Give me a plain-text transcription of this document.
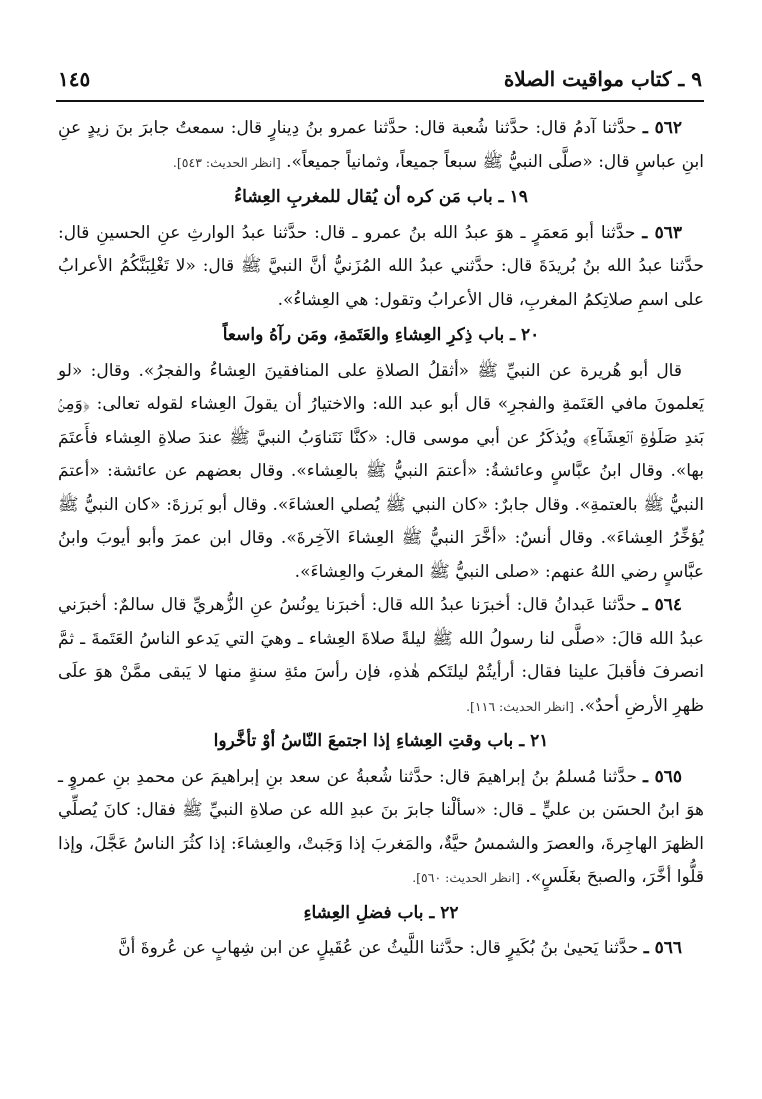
٩ ـ كتاب مواقيت الصلاة
١٤٥

٥٦٢ ـ حدَّثنا آدمُ قال: حدَّثنا شُعبة قال: حدَّثنا عمرو بنُ دِينارٍ قال: سمعتُ جابرَ بنَ زيدٍ عنِ ابنِ عباسٍ قال: «صلَّى النبيُّ ﷺ سبعاً جميعاً، وثمانياً جميعاً». [انظر الحديث: ٥٤٣].

١٩ ـ باب مَن كره أن يُقال للمغربِ العِشاءُ

٥٦٣ ـ حدَّثنا أبو مَعمَرٍ ـ هوَ عبدُ الله بنُ عمرو ـ قال: حدَّثنا عبدُ الوارثِ عنِ الحسينِ قال: حدَّثنا عبدُ الله بنُ بُريدَةَ قال: حدَّثني عبدُ الله المُزَنيُّ أنَّ النبيَّ ﷺ قال: «لا تَغْلِبَنَّكُمُ الأعرابُ على اسمِ صلاتِكمُ المغربِ، قال الأعرابُ وتقول: هي العِشاءُ».

٢٠ ـ باب ذِكرِ العِشاءِ والعَتَمةِ، ومَن رآهُ واسعاً

قال أبو هُريرة عن النبيِّ ﷺ «أثقلُ الصلاةِ على المنافقينَ العِشاءُ والفجرُ». وقال: «لو يَعلمونَ مافي العَتَمةِ والفجرِ» قال أبو عبد الله: والاختيارُ أن يقولَ العِشاء لقوله تعالى: ﴿وَمِنۢ بَعۡدِ صَلَوٰةِ ٱلۡعِشَآءِ﴾ ويُذكَرُ عن أبي موسى قال: «كنَّا نَتَناوَبُ النبيَّ ﷺ عندَ صلاةِ العِشاء فأَعتَمَ بها». وقال ابنُ عبَّاسٍ وعائشةُ: «أعتمَ النبيُّ ﷺ بالعِشاء». وقال بعضهم عن عائشة: «أعتمَ النبيُّ ﷺ بالعتمةِ». وقال جابرٌ: «كان النبي ﷺ يُصلي العشاءَ». وقال أبو بَرزةَ: «كان النبيُّ ﷺ يُؤخِّرُ العِشاءَ». وقال أنسٌ: «أخَّرَ النبيُّ ﷺ العِشاءَ الآخِرةَ». وقال ابن عمرَ وأبو أيوبَ وابنُ عبَّاسٍ رضي اللهُ عنهم: «صلى النبيُّ ﷺ المغربَ والعِشاءَ».

٥٦٤ ـ حدَّثنا عَبدانُ قال: أخبرَنا عبدُ الله قال: أخبرَنا يونُسُ عنِ الزُّهريِّ قال سالمٌ: أخبرَني عبدُ الله قالَ: «صلَّى لنا رسولُ الله ﷺ ليلةً صلاةَ العِشاء ـ وهيَ التي يَدعو الناسُ العَتَمةَ ـ ثمَّ انصرفَ فأقبلَ علينا فقال: أرأيتُمْ ليلتَكم هٰذهِ، فإن رأسَ مئةِ سنةٍ منها لا يَبقى ممَّنْ هوَ علَى ظهرِ الأرضِ أحدٌ». [انظر الحديث: ١١٦].

٢١ ـ باب وقتِ العِشاءِ إذا اجتمعَ النّاسُ أوْ تأخَّروا

٥٦٥ ـ حدَّثنا مُسلمُ بنُ إبراهيمَ قال: حدَّثنا شُعبةُ عن سعد بنِ إبراهيمَ عن محمدِ بنِ عمروٍ ـ هوَ ابنُ الحسَن بن عليٍّ ـ قال: «سألْنا جابرَ بنَ عبدِ الله عن صلاةِ النبيِّ ﷺ فقال: كانَ يُصلِّي الظهرَ الهاجِرةَ، والعصرَ والشمسُ حيَّةٌ، والمَغربَ إذا وَجَبتْ، والعِشاءَ: إذا كثُرَ الناسُ عَجَّلَ، وإذا قلُّوا أخَّرَ، والصبحَ بغَلَسٍ». [انظر الحديث: ٥٦٠].

٢٢ ـ باب فضلِ العِشاءِ

٥٦٦ ـ حدَّثنا يَحيىٰ بنُ بُكَيرٍ قال: حدَّثنا اللَّيثُ عن عُقَيلٍ عن ابن شِهابٍ عن عُروةَ أنَّ
